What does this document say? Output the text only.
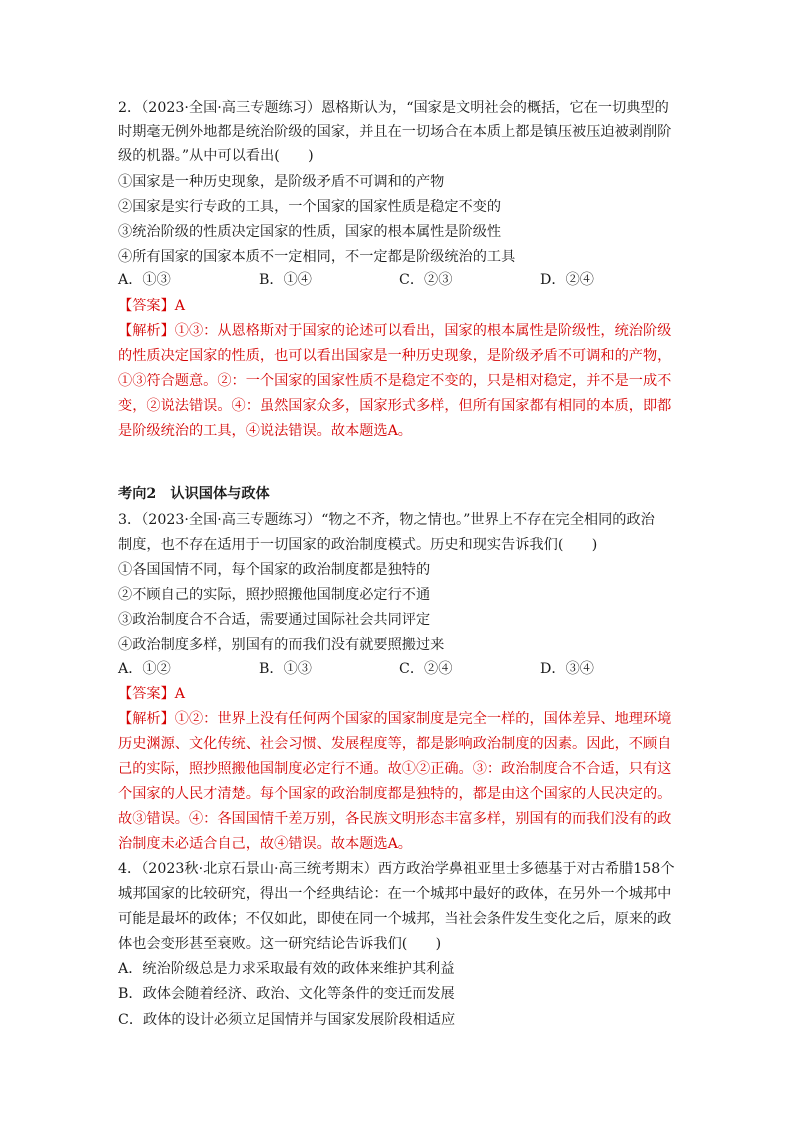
2．（2023·全国·高三专题练习）恩格斯认为，“国家是文明社会的概括，它在一切典型的
时期毫无例外地都是统治阶级的国家，并且在一切场合在本质上都是镇压被压迫被剥削阶
级的机器。”从中可以看出(　　)
①国家是一种历史现象，是阶级矛盾不可调和的产物
②国家是实行专政的工具，一个国家的国家性质是稳定不变的
③统治阶级的性质决定国家的性质，国家的根本属性是阶级性
④所有国家的国家本质不一定相同，不一定都是阶级统治的工具
A．①③	B．①④	C．②③	D．②④
【答案】A
【解析】①③：从恩格斯对于国家的论述可以看出，国家的根本属性是阶级性，统治阶级
的性质决定国家的性质，也可以看出国家是一种历史现象，是阶级矛盾不可调和的产物，
①③符合题意。②：一个国家的国家性质不是稳定不变的，只是相对稳定，并不是一成不
变，②说法错误。④：虽然国家众多，国家形式多样，但所有国家都有相同的本质，即都
是阶级统治的工具，④说法错误。故本题选A。
考向2　认识国体与政体
3．（2023·全国·高三专题练习）“物之不齐，物之情也。”世界上不存在完全相同的政治
制度，也不存在适用于一切国家的政治制度模式。历史和现实告诉我们(　　)
①各国国情不同，每个国家的政治制度都是独特的
②不顾自己的实际，照抄照搬他国制度必定行不通
③政治制度合不合适，需要通过国际社会共同评定
④政治制度多样，别国有的而我们没有就要照搬过来
A．①②	B．①③	C．②④	D．③④
【答案】A
【解析】①②：世界上没有任何两个国家的国家制度是完全一样的，国体差异、地理环境
历史渊源、文化传统、社会习惯、发展程度等，都是影响政治制度的因素。因此，不顾自
己的实际，照抄照搬他国制度必定行不通。故①②正确。③：政治制度合不合适，只有这
个国家的人民才清楚。每个国家的政治制度都是独特的，都是由这个国家的人民决定的。
故③错误。④：各国国情千差万别，各民族文明形态丰富多样，别国有的而我们没有的政
治制度未必适合自己，故④错误。故本题选A。
4．（2023秋·北京石景山·高三统考期末）西方政治学鼻祖亚里士多德基于对古希腊158个
城邦国家的比较研究，得出一个经典结论：在一个城邦中最好的政体，在另外一个城邦中
可能是最坏的政体；不仅如此，即使在同一个城邦，当社会条件发生变化之后，原来的政
体也会变形甚至衰败。这一研究结论告诉我们(　　)
A．统治阶级总是力求采取最有效的政体来维护其利益
B．政体会随着经济、政治、文化等条件的变迁而发展
C．政体的设计必须立足国情并与国家发展阶段相适应
